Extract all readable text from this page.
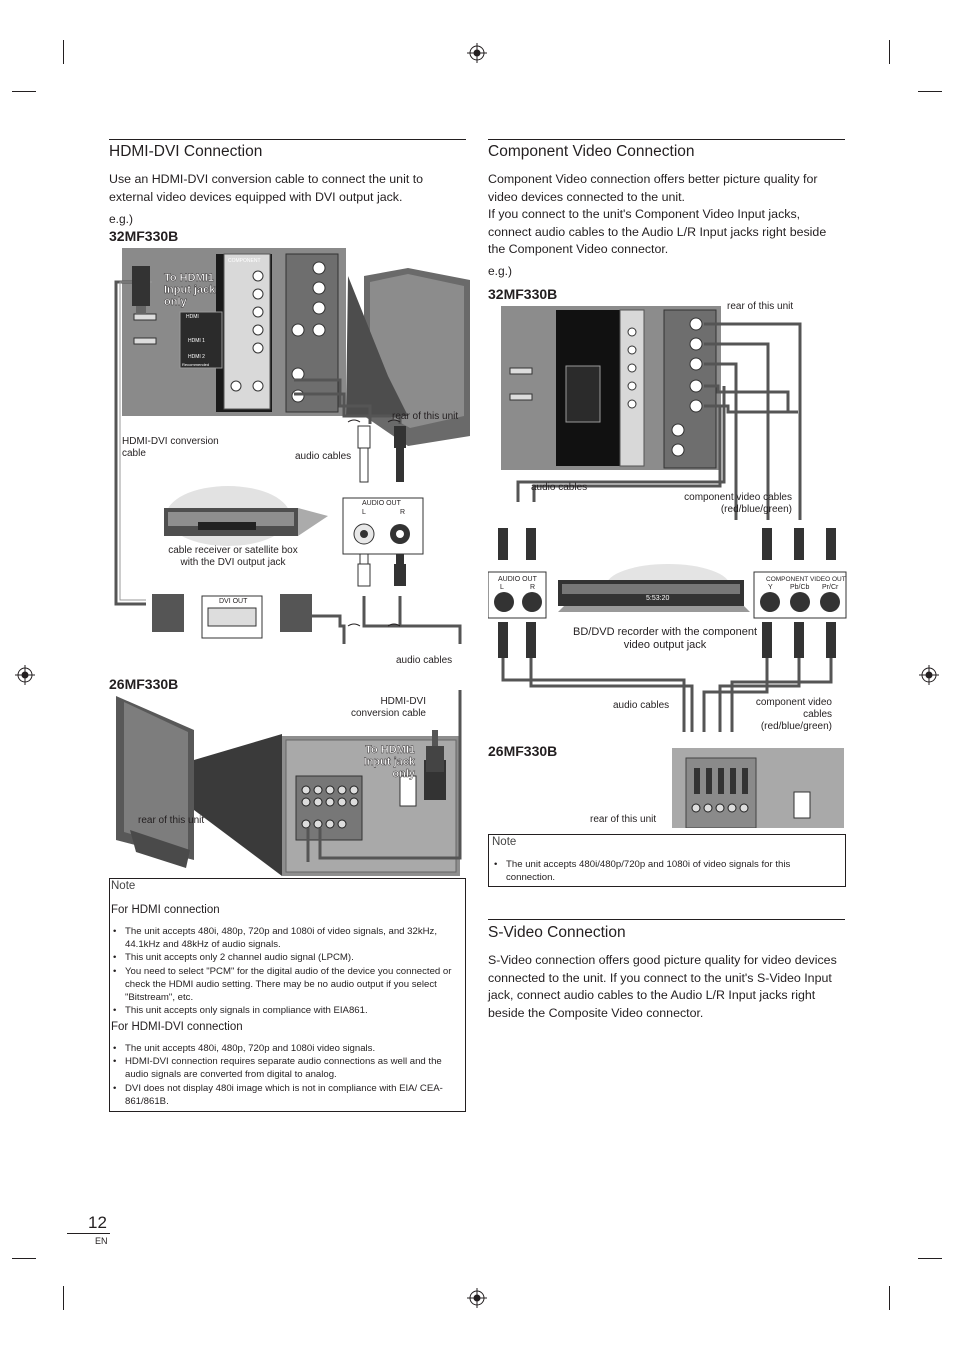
HDMI-DVI Connection

Use an HDMI-DVI conversion cable to connect the unit to external video devices equipped with DVI output jack.

e.g.)
32MF330B
COMPONENT
HDMI
HDMI 1
HDMI 2
Recommended
To HDMI1 Input jack only
rear of this unit
HDMI-DVI conversion cable	audio cables
AUDIO OUT
L	R
cable receiver or satellite box with the DVI output jack
DVI OUT
audio cables
26MF330B
HDMI-DVI conversion cable
To HDMI1 Input jack only
rear of this unit
Note
For HDMI connection
• The unit accepts 480i, 480p, 720p and 1080i of video signals, and 32kHz, 44.1kHz and 48kHz of audio signals.
• This unit accepts only 2 channel audio signal (LPCM).
• You need to select "PCM" for the digital audio of the device you connected or check the HDMI audio setting. There may be no audio output if you select "Bitstream", etc.
• This unit accepts only signals in compliance with EIA861.
For HDMI-DVI connection
• The unit accepts 480i, 480p, 720p and 1080i video signals.
• HDMI-DVI connection requires separate audio connections as well and the audio signals are converted from digital to analog.
• DVI does not display 480i image which is not in compliance with EIA/ CEA-861/861B.
Component Video Connection

Component Video connection offers better picture quality for video devices connected to the unit.

If you connect to the unit's Component Video Input jacks, connect audio cables to the Audio L/R Input jacks right beside the Component Video connector.

e.g.)
32MF330B
rear of this unit
audio cables
component video cables (red/blue/green)
AUDIO OUT
L	R
COMPONENT VIDEO OUT
Y Pb/Cb Pr/Cr
5:53:20
BD/DVD recorder with the component video output jack
audio cables	component video cables (red/blue/green)
26MF330B
rear of this unit
Note
• The unit accepts 480i/480p/720p and 1080i of video signals for this connection.
S-Video Connection

S-Video connection offers good picture quality for video devices connected to the unit. If you connect to the unit's S-Video Input jack, connect audio cables to the Audio L/R Input jacks right beside the Composite Video connector.

12
EN
